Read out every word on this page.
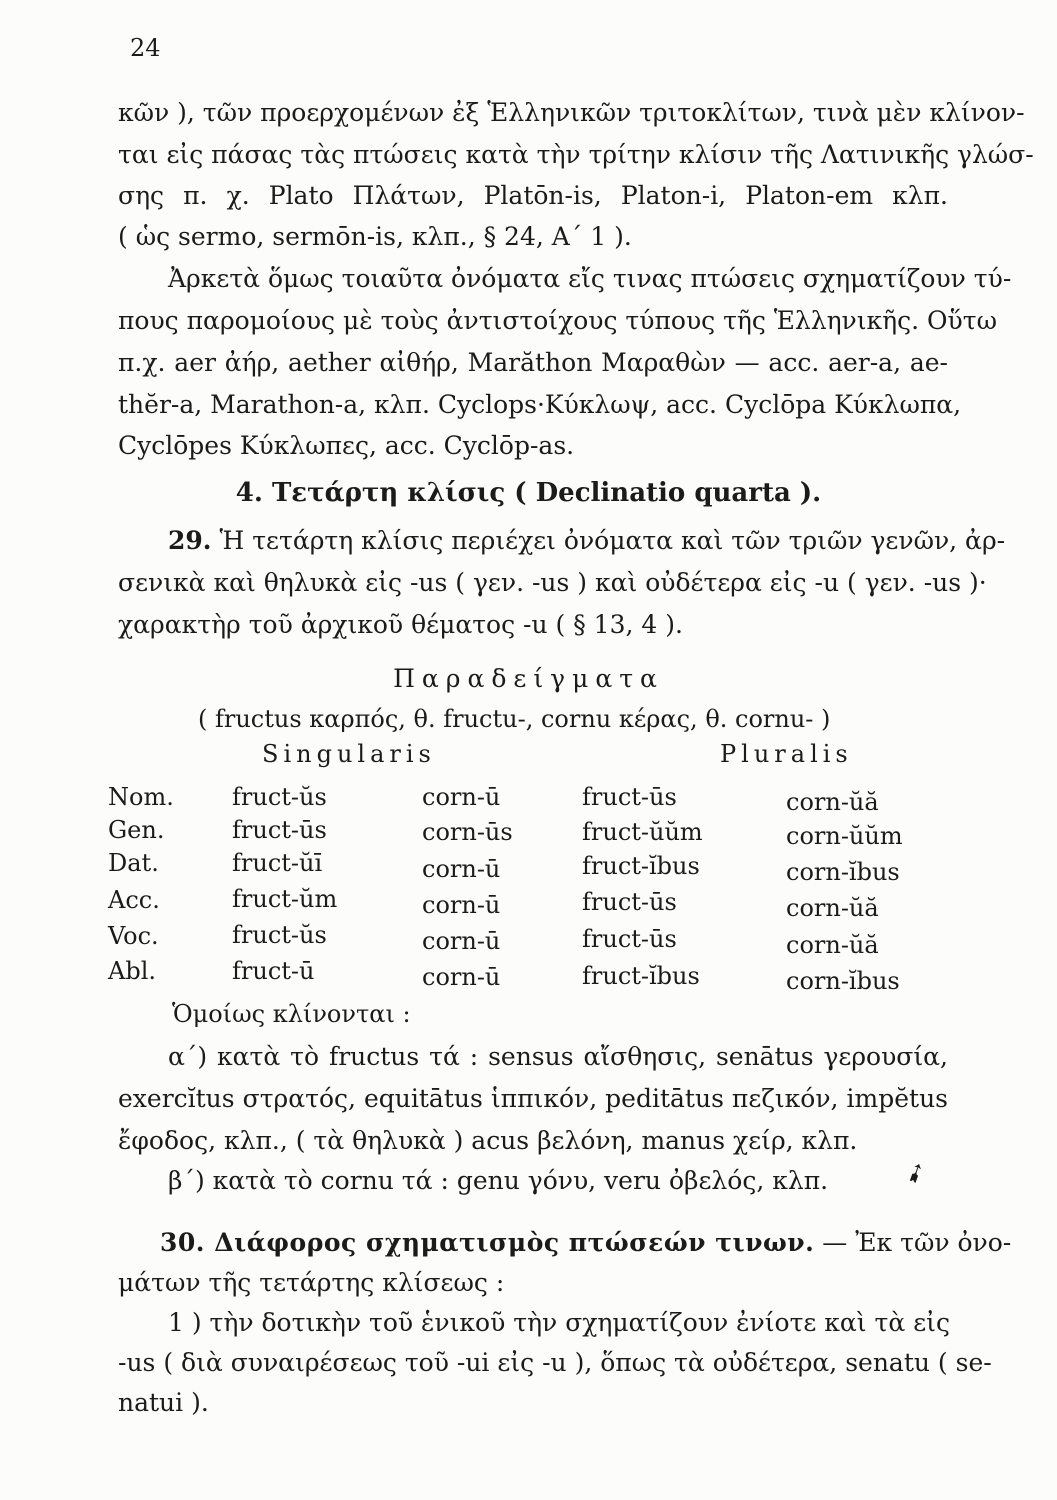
24
κῶν ), τῶν προερχομένων ἐξ Ἑλληνικῶν τριτοκλίτων, τινὰ μὲν κλίνον-
ται εἰς πάσας τὰς πτώσεις κατὰ τὴν τρίτην κλίσιν τῆς Λατινικῆς γλώσ-
σης π. χ. Plato Πλάτων, Platōn-is, Platon-i, Platon-em κλπ.
( ὡς sermo, sermōn-is, κλπ., § 24, A΄ 1 ).
Ἀρκετὰ ὅμως τοιαῦτα ὀνόματα εἴς τινας πτώσεις σχηματίζουν τύ-
πους παρομοίους μὲ τοὺς ἀντιστοίχους τύπους τῆς Ἑλληνικῆς. Οὕτω
π.χ. aer ἀήρ, aether αἰθήρ, Marăthon Μαραθὼν — acc. aer-a, ae-
thĕr-a, Marathon-a, κλπ. Cyclops·Κύκλωψ, acc. Cyclōpa Κύκλωπα,
Cyclōpes Κύκλωπες, acc. Cyclōp-as.
4. Τετάρτη κλίσις ( Declinatio quarta ).
29. Ἡ τετάρτη κλίσις περιέχει ὀνόματα καὶ τῶν τριῶν γενῶν, ἀρ-
σενικὰ καὶ θηλυκὰ εἰς -us ( γεν. -us ) καὶ οὐδέτερα εἰς -u ( γεν. -us )·
χαρακτὴρ τοῦ ἀρχικοῦ θέματος -u ( § 13, 4 ).
Παραδείγματα
( fructus καρπός, θ. fructu-, cornu κέρας, θ. cornu- )
Singularis	Pluralis
Nom. fruct-ŭs	corn-ū	fruct-ūs	corn-ŭă
Gen.	fruct-ūs	corn-ūs	fruct-ŭŭm	corn-ŭŭm
Dat.	fruct-ŭī	corn-ū	fruct-ĭbus	corn-ĭbus
Acc.	fruct-ŭm	corn-ū	fruct-ūs	corn-ŭă
Voc.	fruct-ŭs	corn-ū	fruct-ūs	corn-ŭă
Abl.	fruct-ū	corn-ū	fruct-ĭbus	corn-ĭbus
Ὁμοίως κλίνονται :
α΄) κατὰ τὸ fructus τά : sensus αἴσθησις, senātus γερουσία,
exercĭtus στρατός, equitātus ἱππικόν, peditātus πεζικόν, impĕtus
ἔφοδος, κλπ., ( τὰ θηλυκὰ ) acus βελόνη, manus χείρ, κλπ.
β΄) κατὰ τὸ cornu τά : genu γόνυ, veru ὀβελός, κλπ.	➹
30. Διάφορος σχηματισμὸς πτώσεών τινων. — Ἐκ τῶν ὀνο-
μάτων τῆς τετάρτης κλίσεως :
1 ) τὴν δοτικὴν τοῦ ἑνικοῦ τὴν σχηματίζουν ἐνίοτε καὶ τὰ εἰς
-us ( διὰ συναιρέσεως τοῦ -ui εἰς -u ), ὅπως τὰ οὐδέτερα, senatu ( se-
natui ).
